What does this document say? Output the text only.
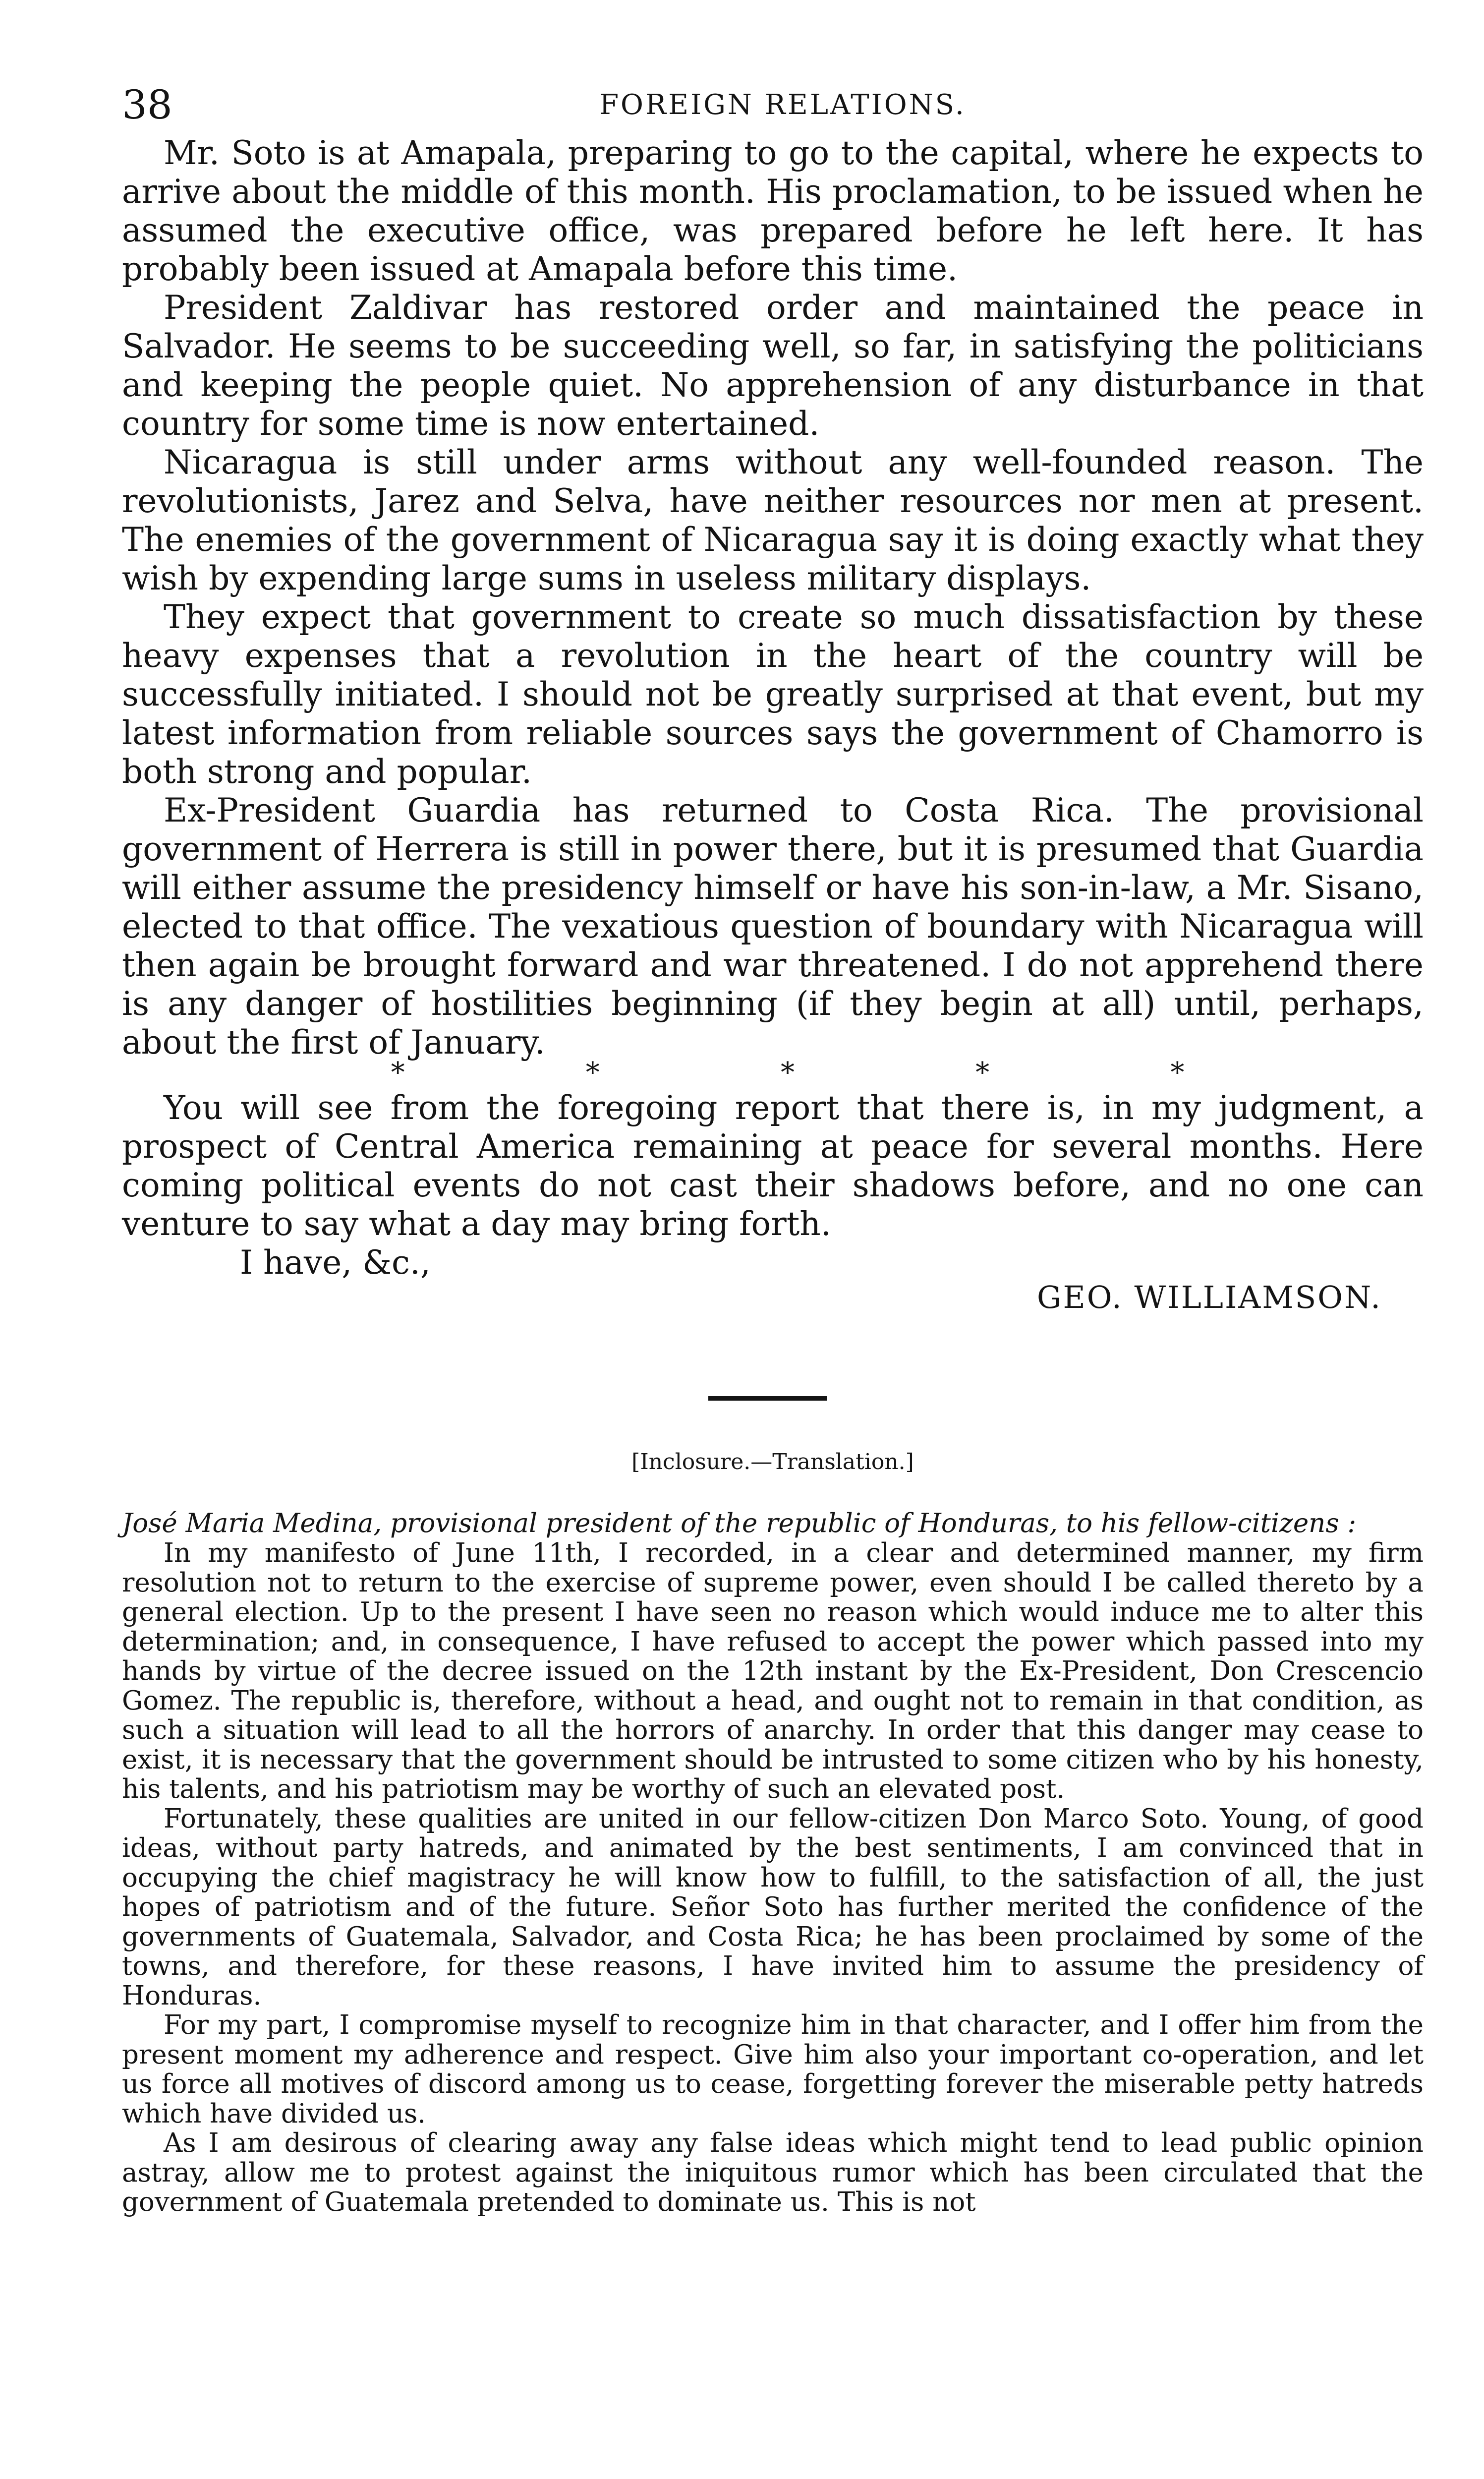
38	FOREIGN RELATIONS.

Mr. Soto is at Amapala, preparing to go to the capital, where he expects to arrive about the middle of this month. His proclamation, to be issued when he assumed the executive office, was prepared before he left here. It has probably been issued at Amapala before this time.

President Zaldivar has restored order and maintained the peace in Salvador. He seems to be succeeding well, so far, in satisfying the politicians and keeping the people quiet. No apprehension of any disturbance in that country for some time is now entertained.

Nicaragua is still under arms without any well-founded reason. The revolutionists, Jarez and Selva, have neither resources nor men at present. The enemies of the government of Nicaragua say it is doing exactly what they wish by expending large sums in useless military displays.

They expect that government to create so much dissatisfaction by these heavy expenses that a revolution in the heart of the country will be successfully initiated. I should not be greatly surprised at that event, but my latest information from reliable sources says the government of Chamorro is both strong and popular.

Ex-President Guardia has returned to Costa Rica. The provisional government of Herrera is still in power there, but it is presumed that Guardia will either assume the presidency himself or have his son-in-law, a Mr. Sisano, elected to that office. The vexatious question of boundary with Nicaragua will then again be brought forward and war threatened. I do not apprehend there is any danger of hostilities beginning (if they begin at all) until, perhaps, about the first of January.

*	*	*	*	*

You will see from the foregoing report that there is, in my judgment, a prospect of Central America remaining at peace for several months. Here coming political events do not cast their shadows before, and no one can venture to say what a day may bring forth.

I have, &c.,
GEO. WILLIAMSON.
[Inclosure.—Translation.]
José Maria Medina, provisional president of the republic of Honduras, to his fellow-citizens :

In my manifesto of June 11th, I recorded, in a clear and determined manner, my firm resolution not to return to the exercise of supreme power, even should I be called thereto by a general election. Up to the present I have seen no reason which would induce me to alter this determination; and, in consequence, I have refused to accept the power which passed into my hands by virtue of the decree issued on the 12th instant by the Ex-President, Don Crescencio Gomez. The republic is, therefore, without a head, and ought not to remain in that condition, as such a situation will lead to all the horrors of anarchy. In order that this danger may cease to exist, it is necessary that the government should be intrusted to some citizen who by his honesty, his talents, and his patriotism may be worthy of such an elevated post.

Fortunately, these qualities are united in our fellow-citizen Don Marco Soto. Young, of good ideas, without party hatreds, and animated by the best sentiments, I am convinced that in occupying the chief magistracy he will know how to fulfill, to the satisfaction of all, the just hopes of patriotism and of the future. Señor Soto has further merited the confidence of the governments of Guatemala, Salvador, and Costa Rica; he has been proclaimed by some of the towns, and therefore, for these reasons, I have invited him to assume the presidency of Honduras.

For my part, I compromise myself to recognize him in that character, and I offer him from the present moment my adherence and respect. Give him also your important co-operation, and let us force all motives of discord among us to cease, forgetting forever the miserable petty hatreds which have divided us.

As I am desirous of clearing away any false ideas which might tend to lead public opinion astray, allow me to protest against the iniquitous rumor which has been circulated that the government of Guatemala pretended to dominate us. This is not
